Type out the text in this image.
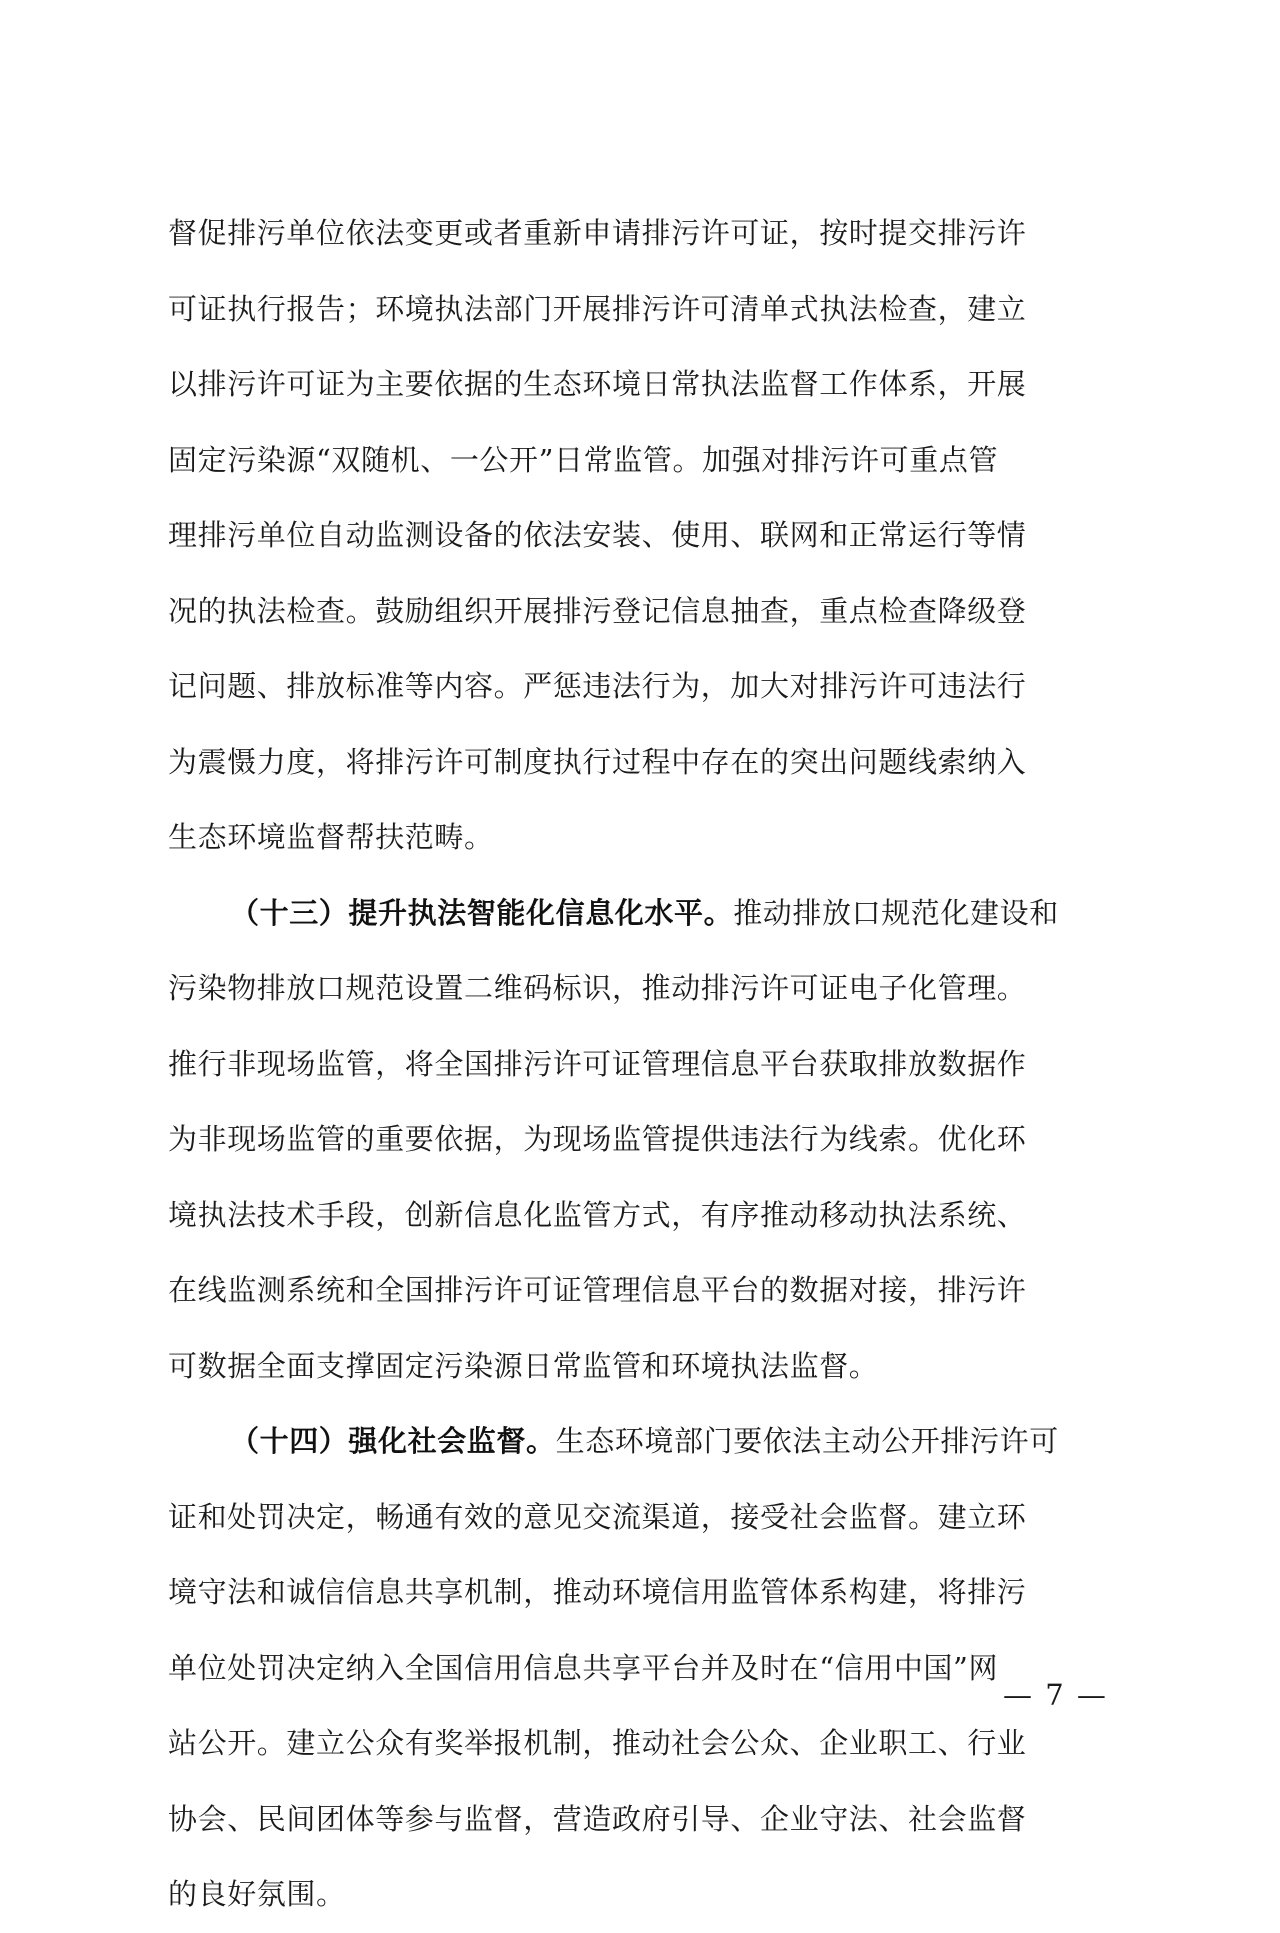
督促排污单位依法变更或者重新申请排污许可证，按时提交排污许
可证执行报告；环境执法部门开展排污许可清单式执法检查，建立
以排污许可证为主要依据的生态环境日常执法监督工作体系，开展
固定污染源“双随机、一公开”日常监管。加强对排污许可重点管
理排污单位自动监测设备的依法安装、使用、联网和正常运行等情
况的执法检查。鼓励组织开展排污登记信息抽查，重点检查降级登
记问题、排放标准等内容。严惩违法行为，加大对排污许可违法行
为震慑力度，将排污许可制度执行过程中存在的突出问题线索纳入
生态环境监督帮扶范畴。
（十三）提升执法智能化信息化水平。推动排放口规范化建设和
污染物排放口规范设置二维码标识，推动排污许可证电子化管理。
推行非现场监管，将全国排污许可证管理信息平台获取排放数据作
为非现场监管的重要依据，为现场监管提供违法行为线索。优化环
境执法技术手段，创新信息化监管方式，有序推动移动执法系统、
在线监测系统和全国排污许可证管理信息平台的数据对接，排污许
可数据全面支撑固定污染源日常监管和环境执法监督。
（十四）强化社会监督。生态环境部门要依法主动公开排污许可
证和处罚决定，畅通有效的意见交流渠道，接受社会监督。建立环
境守法和诚信信息共享机制，推动环境信用监管体系构建，将排污
单位处罚决定纳入全国信用信息共享平台并及时在“信用中国”网
站公开。建立公众有奖举报机制，推动社会公众、企业职工、行业
协会、民间团体等参与监督，营造政府引导、企业守法、社会监督
的良好氛围。
— 7 —
